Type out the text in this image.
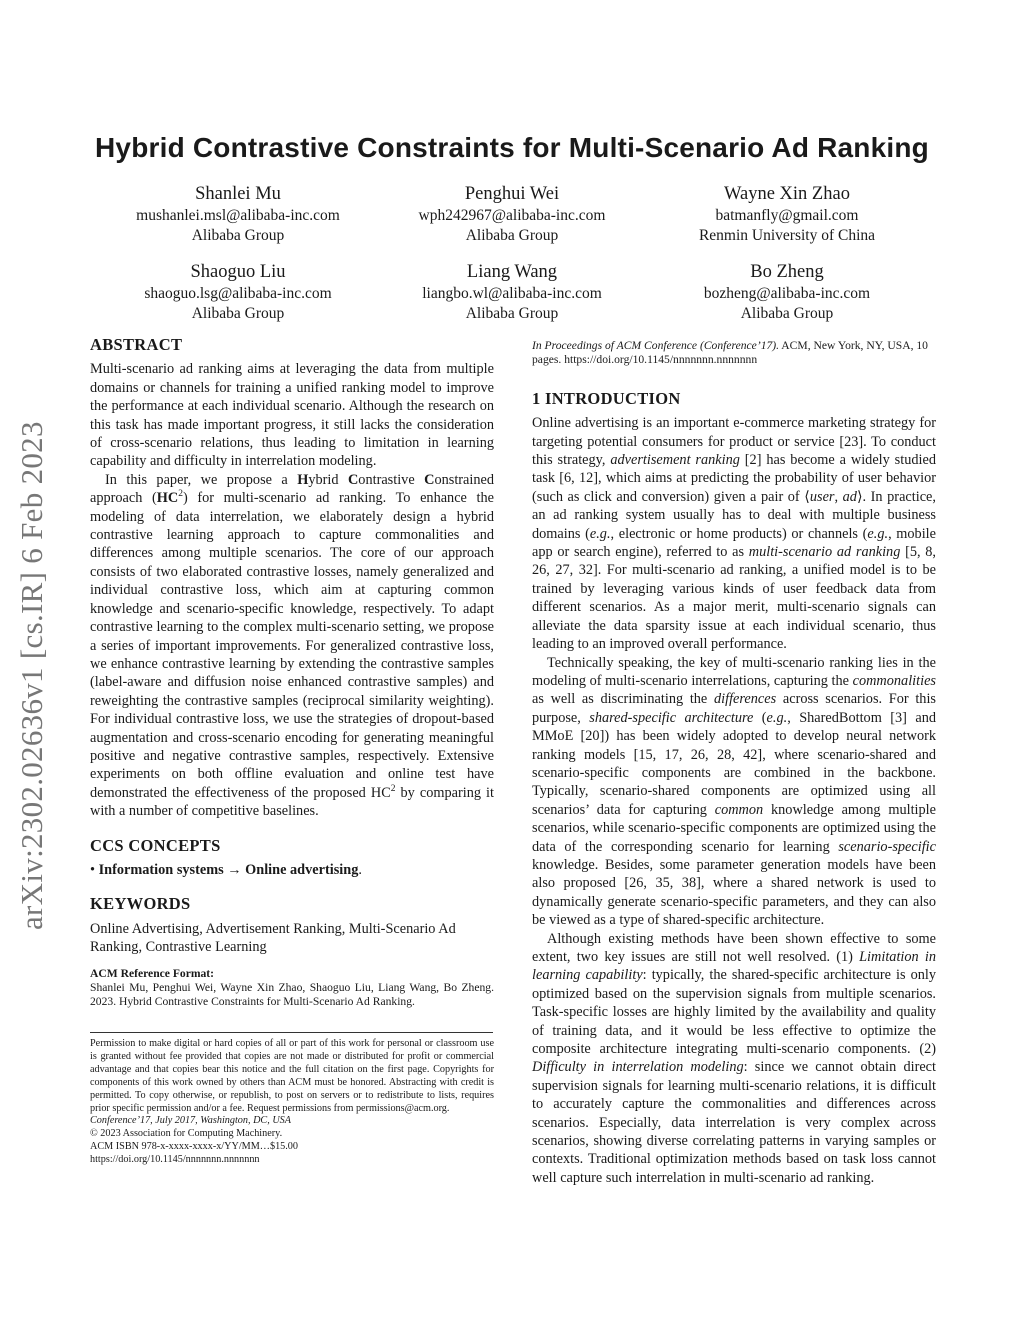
arXiv:2302.02636v1 [cs.IR] 6 Feb 2023
Hybrid Contrastive Constraints for Multi-Scenario Ad Ranking
Shanlei Mu
mushanlei.msl@alibaba-inc.com
Alibaba Group
Penghui Wei
wph242967@alibaba-inc.com
Alibaba Group
Wayne Xin Zhao
batmanfly@gmail.com
Renmin University of China
Shaoguo Liu
shaoguo.lsg@alibaba-inc.com
Alibaba Group
Liang Wang
liangbo.wl@alibaba-inc.com
Alibaba Group
Bo Zheng
bozheng@alibaba-inc.com
Alibaba Group
ABSTRACT

Multi-scenario ad ranking aims at leveraging the data from multiple domains or channels for training a unified ranking model to improve the performance at each individual scenario. Although the research on this task has made important progress, it still lacks the consideration of cross-scenario relations, thus leading to limitation in learning capability and difficulty in interrelation modeling.

In this paper, we propose a Hybrid Contrastive Constrained approach $(HC^2)$ for multi-scenario ad ranking. To enhance the modeling of data interrelation, we elaborately design a hybrid contrastive learning approach to capture commonalities and differences among multiple scenarios. The core of our approach consists of two elaborated contrastive losses, namely generalized and individual contrastive loss, which aim at capturing common knowledge and scenario-specific knowledge, respectively. To adapt contrastive learning to the complex multi-scenario setting, we propose a series of important improvements. For generalized contrastive loss, we enhance contrastive learning by extending the contrastive samples (label-aware and diffusion noise enhanced contrastive samples) and reweighting the contrastive samples (reciprocal similarity weighting). For individual contrastive loss, we use the strategies of dropout-based augmentation and cross-scenario encoding for generating meaningful positive and negative contrastive samples, respectively. Extensive experiments on both offline evaluation and online test have demonstrated the effectiveness of the proposed $HC^2$ by comparing it with a number of competitive baselines.

CCS CONCEPTS

• Information systems → Online advertising.

KEYWORDS

Online Advertising, Advertisement Ranking, Multi-Scenario Ad Ranking, Contrastive Learning

ACM Reference Format:
Shanlei Mu, Penghui Wei, Wayne Xin Zhao, Shaoguo Liu, Liang Wang, Bo Zheng. 2023. Hybrid Contrastive Constraints for Multi-Scenario Ad Ranking.
Permission to make digital or hard copies of all or part of this work for personal or classroom use is granted without fee provided that copies are not made or distributed for profit or commercial advantage and that copies bear this notice and the full citation on the first page. Copyrights for components of this work owned by others than ACM must be honored. Abstracting with credit is permitted. To copy otherwise, or republish, to post on servers or to redistribute to lists, requires prior specific permission and/or a fee. Request permissions from permissions@acm.org.
Conference’17, July 2017, Washington, DC, USA
© 2023 Association for Computing Machinery.
ACM ISBN 978-x-xxxx-xxxx-x/YY/MM…$15.00
https://doi.org/10.1145/nnnnnnn.nnnnnnn
In Proceedings of ACM Conference (Conference’17). ACM, New York, NY, USA, 10 pages. https://doi.org/10.1145/nnnnnnn.nnnnnnn
1 INTRODUCTION

Online advertising is an important e-commerce marketing strategy for targeting potential consumers for product or service [23]. To conduct this strategy, advertisement ranking [2] has become a widely studied task [6, 12], which aims at predicting the probability of user behavior (such as click and conversion) given a pair of ⟨user, ad⟩. In practice, an ad ranking system usually has to deal with multiple business domains (e.g., electronic or home products) or channels (e.g., mobile app or search engine), referred to as multi-scenario ad ranking [5, 8, 26, 27, 32]. For multi-scenario ad ranking, a unified model is to be trained by leveraging various kinds of user feedback data from different scenarios. As a major merit, multi-scenario signals can alleviate the data sparsity issue at each individual scenario, thus leading to an improved overall performance.

Technically speaking, the key of multi-scenario ranking lies in the modeling of multi-scenario interrelations, capturing the commonalities as well as discriminating the differences across scenarios. For this purpose, shared-specific architecture (e.g., SharedBottom [3] and MMoE [20]) has been widely adopted to develop neural network ranking models [15, 17, 26, 28, 42], where scenario-shared and scenario-specific components are combined in the backbone. Typically, scenario-shared components are optimized using all scenarios’ data for capturing common knowledge among multiple scenarios, while scenario-specific components are optimized using the data of the corresponding scenario for learning scenario-specific knowledge. Besides, some parameter generation models have been also proposed [26, 35, 38], where a shared network is used to dynamically generate scenario-specific parameters, and they can also be viewed as a type of shared-specific architecture.

Although existing methods have been shown effective to some extent, two key issues are still not well resolved. (1) Limitation in learning capability: typically, the shared-specific architecture is only optimized based on the supervision signals from multiple scenarios. Task-specific losses are highly limited by the availability and quality of training data, and it would be less effective to optimize the composite architecture integrating multi-scenario components. (2) Difficulty in interrelation modeling: since we cannot obtain direct supervision signals for learning multi-scenario relations, it is difficult to accurately capture the commonalities and differences across scenarios. Especially, data interrelation is very complex across scenarios, showing diverse correlating patterns in varying samples or contexts. Traditional optimization methods based on task loss cannot well capture such interrelation in multi-scenario ad ranking.
